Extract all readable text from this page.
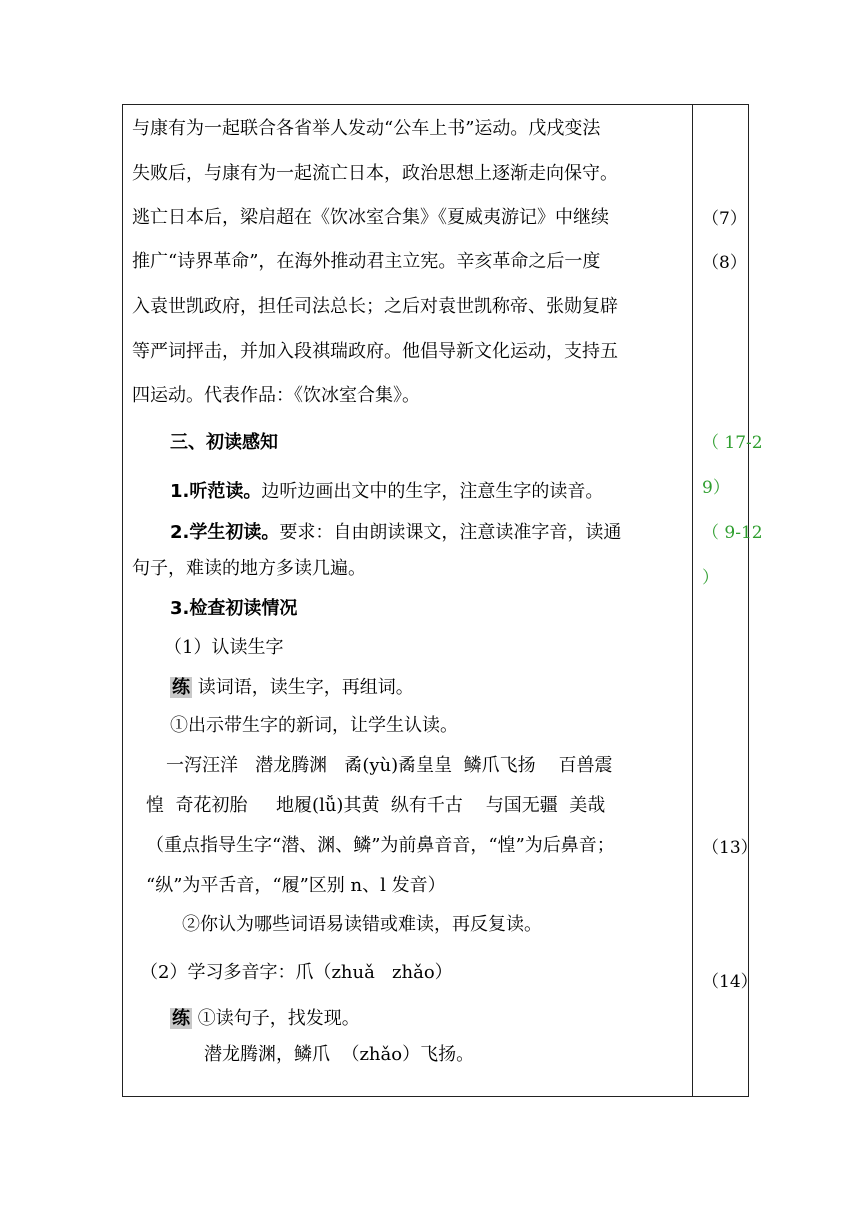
与康有为一起联合各省举人发动“公车上书”运动。戊戌变法
失败后，与康有为一起流亡日本，政治思想上逐渐走向保守。
逃亡日本后，梁启超在《饮冰室合集》《夏威夷游记》中继续
推广“诗界革命”，在海外推动君主立宪。辛亥革命之后一度
入袁世凯政府，担任司法总长；之后对袁世凯称帝、张勋复辟
等严词抨击，并加入段祺瑞政府。他倡导新文化运动，支持五
四运动。代表作品：《饮冰室合集》。
三、初读感知
1.听范读。边听边画出文中的生字，注意生字的读音。
2.学生初读。要求：自由朗读课文，注意读准字音，读通
句子，难读的地方多读几遍。
3.检查初读情况
（1）认读生字
练 读词语，读生字，再组词。
①出示带生字的新词，让学生认读。
一泻汪洋   潜龙腾渊   矞(yù)矞皇皇  鳞爪飞扬    百兽震
惶  奇花初胎     地履(lǚ)其黄  纵有千古    与国无疆  美哉
（重点指导生字“潜、渊、鳞”为前鼻音音，“惶”为后鼻音；
“纵”为平舌音，“履”区别 n、l 发音）
②你认为哪些词语易读错或难读，再反复读。
（2）学习多音字：爪（zhuǎ   zhǎo）
练 ①读句子，找发现。
潜龙腾渊，鳞爪  （zhǎo）飞扬。
（7）
（8）
（ 17-2
9）
（ 9-12
）
（13）
（14）
